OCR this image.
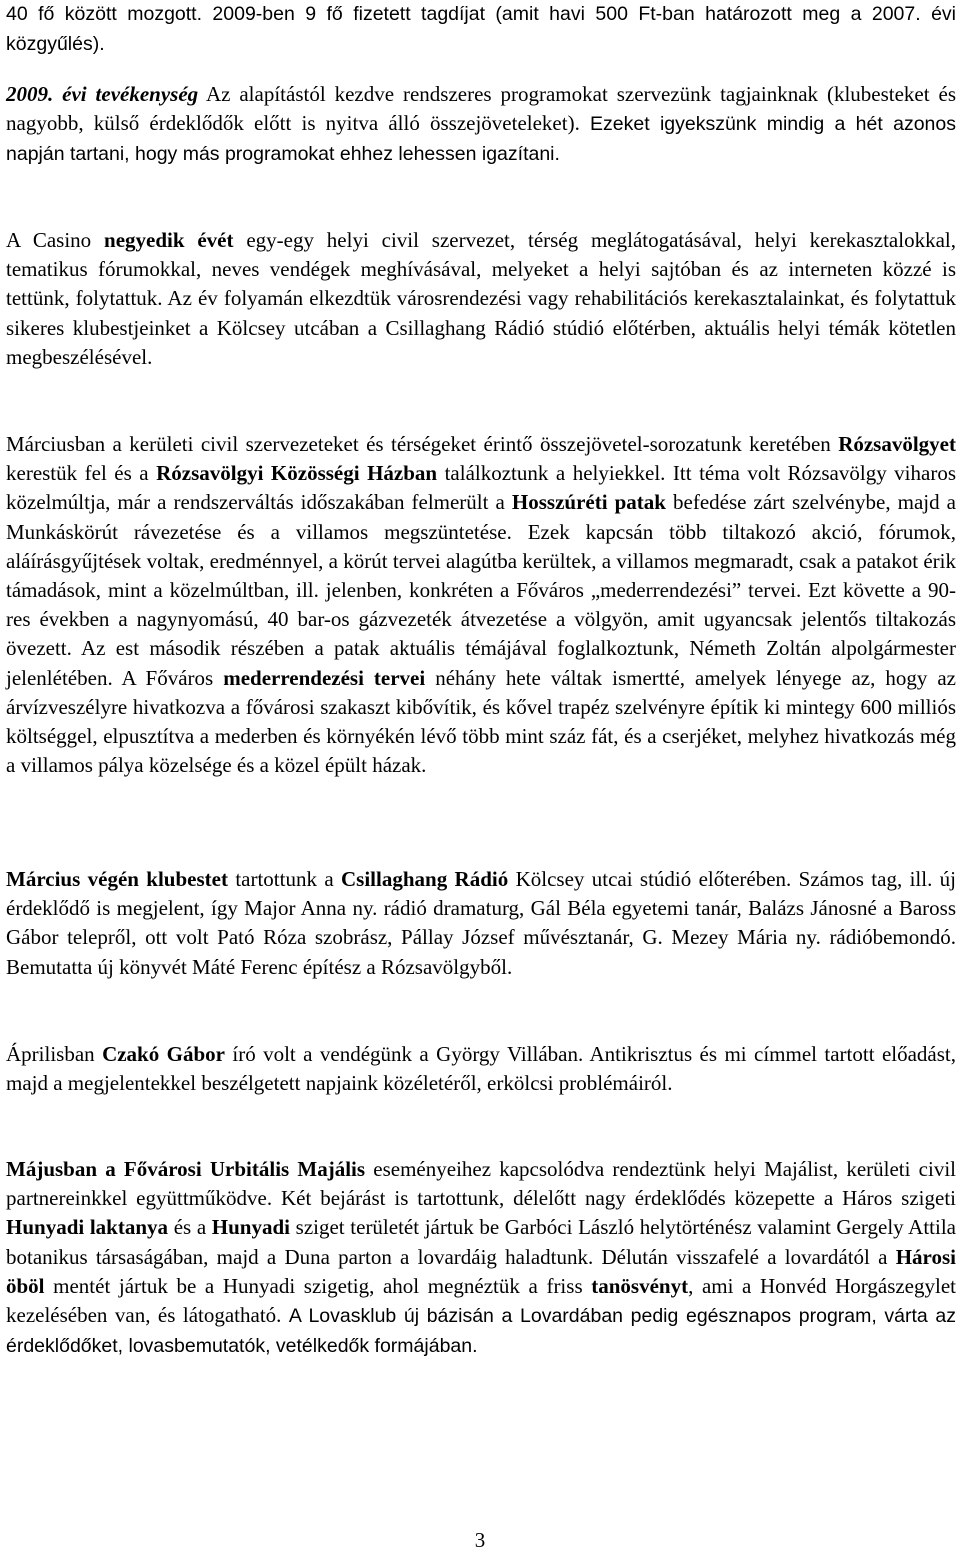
40 fő között mozgott. 2009-ben 9 fő fizetett tagdíjat (amit havi 500 Ft-ban határozott meg a 2007. évi közgyűlés).

2009. évi tevékenység Az alapítástól kezdve rendszeres programokat szervezünk tagjainknak (klubesteket és nagyobb, külső érdeklődők előtt is nyitva álló összejöveteleket). Ezeket igyekszünk mindig a hét azonos napján tartani, hogy más programokat ehhez lehessen igazítani.

A Casino negyedik évét egy-egy helyi civil szervezet, térség meglátogatásával, helyi kerekasztalokkal, tematikus fórumokkal, neves vendégek meghívásával, melyeket a helyi sajtóban és az interneten közzé is tettünk, folytattuk. Az év folyamán elkezdtük városrendezési vagy rehabilitációs kerekasztalainkat, és folytattuk sikeres klubestjeinket a Kölcsey utcában a Csillaghang Rádió stúdió előtérben, aktuális helyi témák kötetlen megbeszélésével.

Márciusban a kerületi civil szervezeteket és térségeket érintő összejövetel-sorozatunk keretében Rózsavölgyet kerestük fel és a Rózsavölgyi Közösségi Házban találkoztunk a helyiekkel. Itt téma volt Rózsavölgy viharos közelmúltja, már a rendszerváltás időszakában felmerült a Hosszúréti patak befedése zárt szelvénybe, majd a Munkáskörút rávezetése és a villamos megszüntetése. Ezek kapcsán több tiltakozó akció, fórumok, aláírásgyűjtések voltak, eredménnyel, a körút tervei alagútba kerültek, a villamos megmaradt, csak a patakot érik támadások, mint a közelmúltban, ill. jelenben, konkréten a Főváros „mederrendezési” tervei. Ezt követte a 90-res években a nagynyomású, 40 bar-os gázvezeték átvezetése a völgyön, amit ugyancsak jelentős tiltakozás övezett. Az est második részében a patak aktuális témájával foglalkoztunk, Németh Zoltán alpolgármester jelenlétében. A Főváros mederrendezési tervei néhány hete váltak ismertté, amelyek lényege az, hogy az árvízveszélyre hivatkozva a fővárosi szakaszt kibővítik, és kővel trapéz szelvényre építik ki mintegy 600 milliós költséggel, elpusztítva a mederben és környékén lévő több mint száz fát, és a cserjéket, melyhez hivatkozás még a villamos pálya közelsége és a közel épült házak.

Március végén klubestet tartottunk a Csillaghang Rádió Kölcsey utcai stúdió előterében. Számos tag, ill. új érdeklődő is megjelent, így Major Anna ny. rádió dramaturg, Gál Béla egyetemi tanár, Balázs Jánosné a Baross Gábor telepről, ott volt Pató Róza szobrász, Pállay József művésztanár, G. Mezey Mária ny. rádióbemondó. Bemutatta új könyvét Máté Ferenc építész a Rózsavölgyből.

Áprilisban Czakó Gábor író volt a vendégünk a György Villában. Antikrisztus és mi címmel tartott előadást, majd a megjelentekkel beszélgetett napjaink közéletéről, erkölcsi problémáiról.

Májusban a Fővárosi Urbitális Majális eseményeihez kapcsolódva rendeztünk helyi Majálist, kerületi civil partnereinkkel együttműködve. Két bejárást is tartottunk, délelőtt nagy érdeklődés közepette a Háros szigeti Hunyadi laktanya és a Hunyadi sziget területét jártuk be Garbóci László helytörténész valamint Gergely Attila botanikus társaságában, majd a Duna parton a lovardáig haladtunk. Délután visszafelé a lovardától a Hárosi öböl mentét jártuk be a Hunyadi szigetig, ahol megnéztük a friss tanösvényt, ami a Honvéd Horgászegylet kezelésében van, és látogatható. A Lovasklub új bázisán a Lovardában pedig egésznapos program, várta az érdeklődőket, lovasbemutatók, vetélkedők formájában.

3
